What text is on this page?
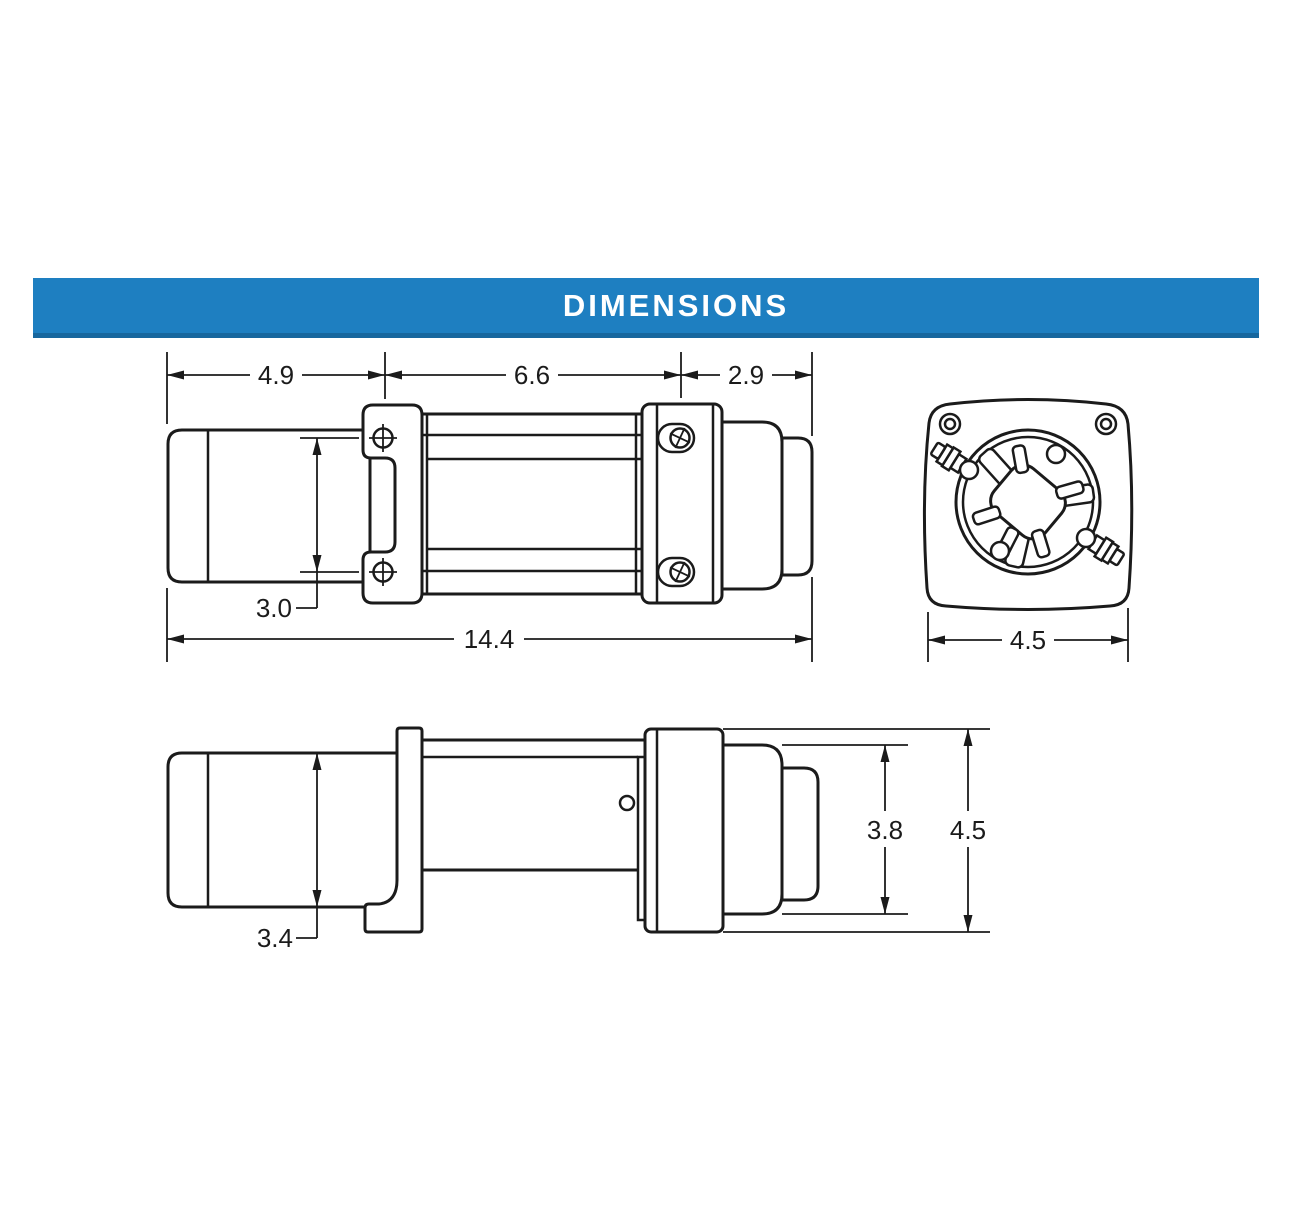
DIMENSIONS
4.9	6.6	2.9
3.0
14.4	4.5
3.4
3.8 4.5
